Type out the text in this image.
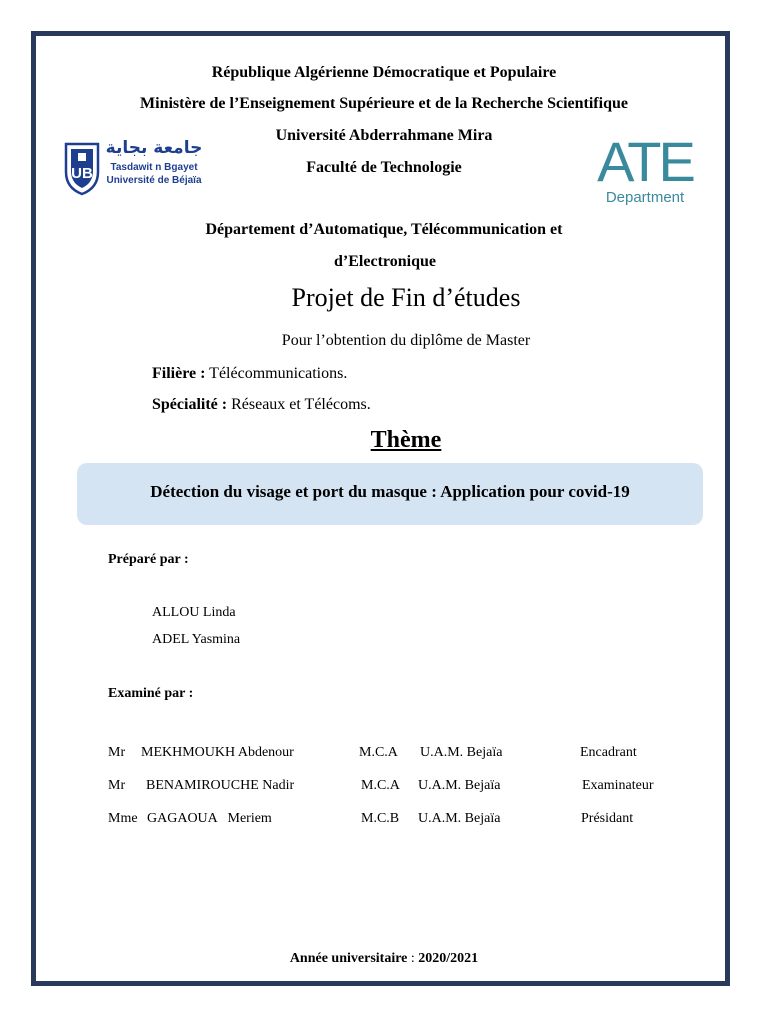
République Algérienne Démocratique et Populaire
Ministère de l’Enseignement Supérieure et de la Recherche Scientifique
Université Abderrahmane Mira
Faculté de Technologie
UB
جامعة بجاية
Tasdawit n Bgayet
Université de Béjaïa	ATE
Department
Département d’Automatique, Télécommunication et
d’Electronique
Projet de Fin d’études
Pour l’obtention du diplôme de Master
Filière : Télécommunications.
Spécialité : Réseaux et Télécoms.
Thème
Détection du visage et port du masque : Application pour covid-19
Préparé par :
ALLOU Linda
ADEL Yasmina
Examiné par :
Mr MEKHMOUKH Abdenour	M.C.A U.A.M. Bejaïa	Encadrant
Mr BENAMIROUCHE Nadir	M.C.A U.A.M. Bejaïa	Examinateur
Mme GAGAOUA   Meriem	M.C.B U.A.M. Bejaïa	Présidant
Année universitaire : 2020/2021
